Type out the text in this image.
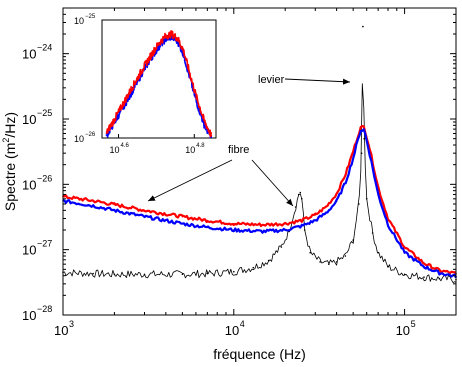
10 3	10 4	10 5
10 −28
10 −27
10 −26
10 −25
10 −24
10 4.6	10 4.8
10 −26
10 −25
levier
fibre
fréquence (Hz)
Spectre $(m^2/Hz)$
